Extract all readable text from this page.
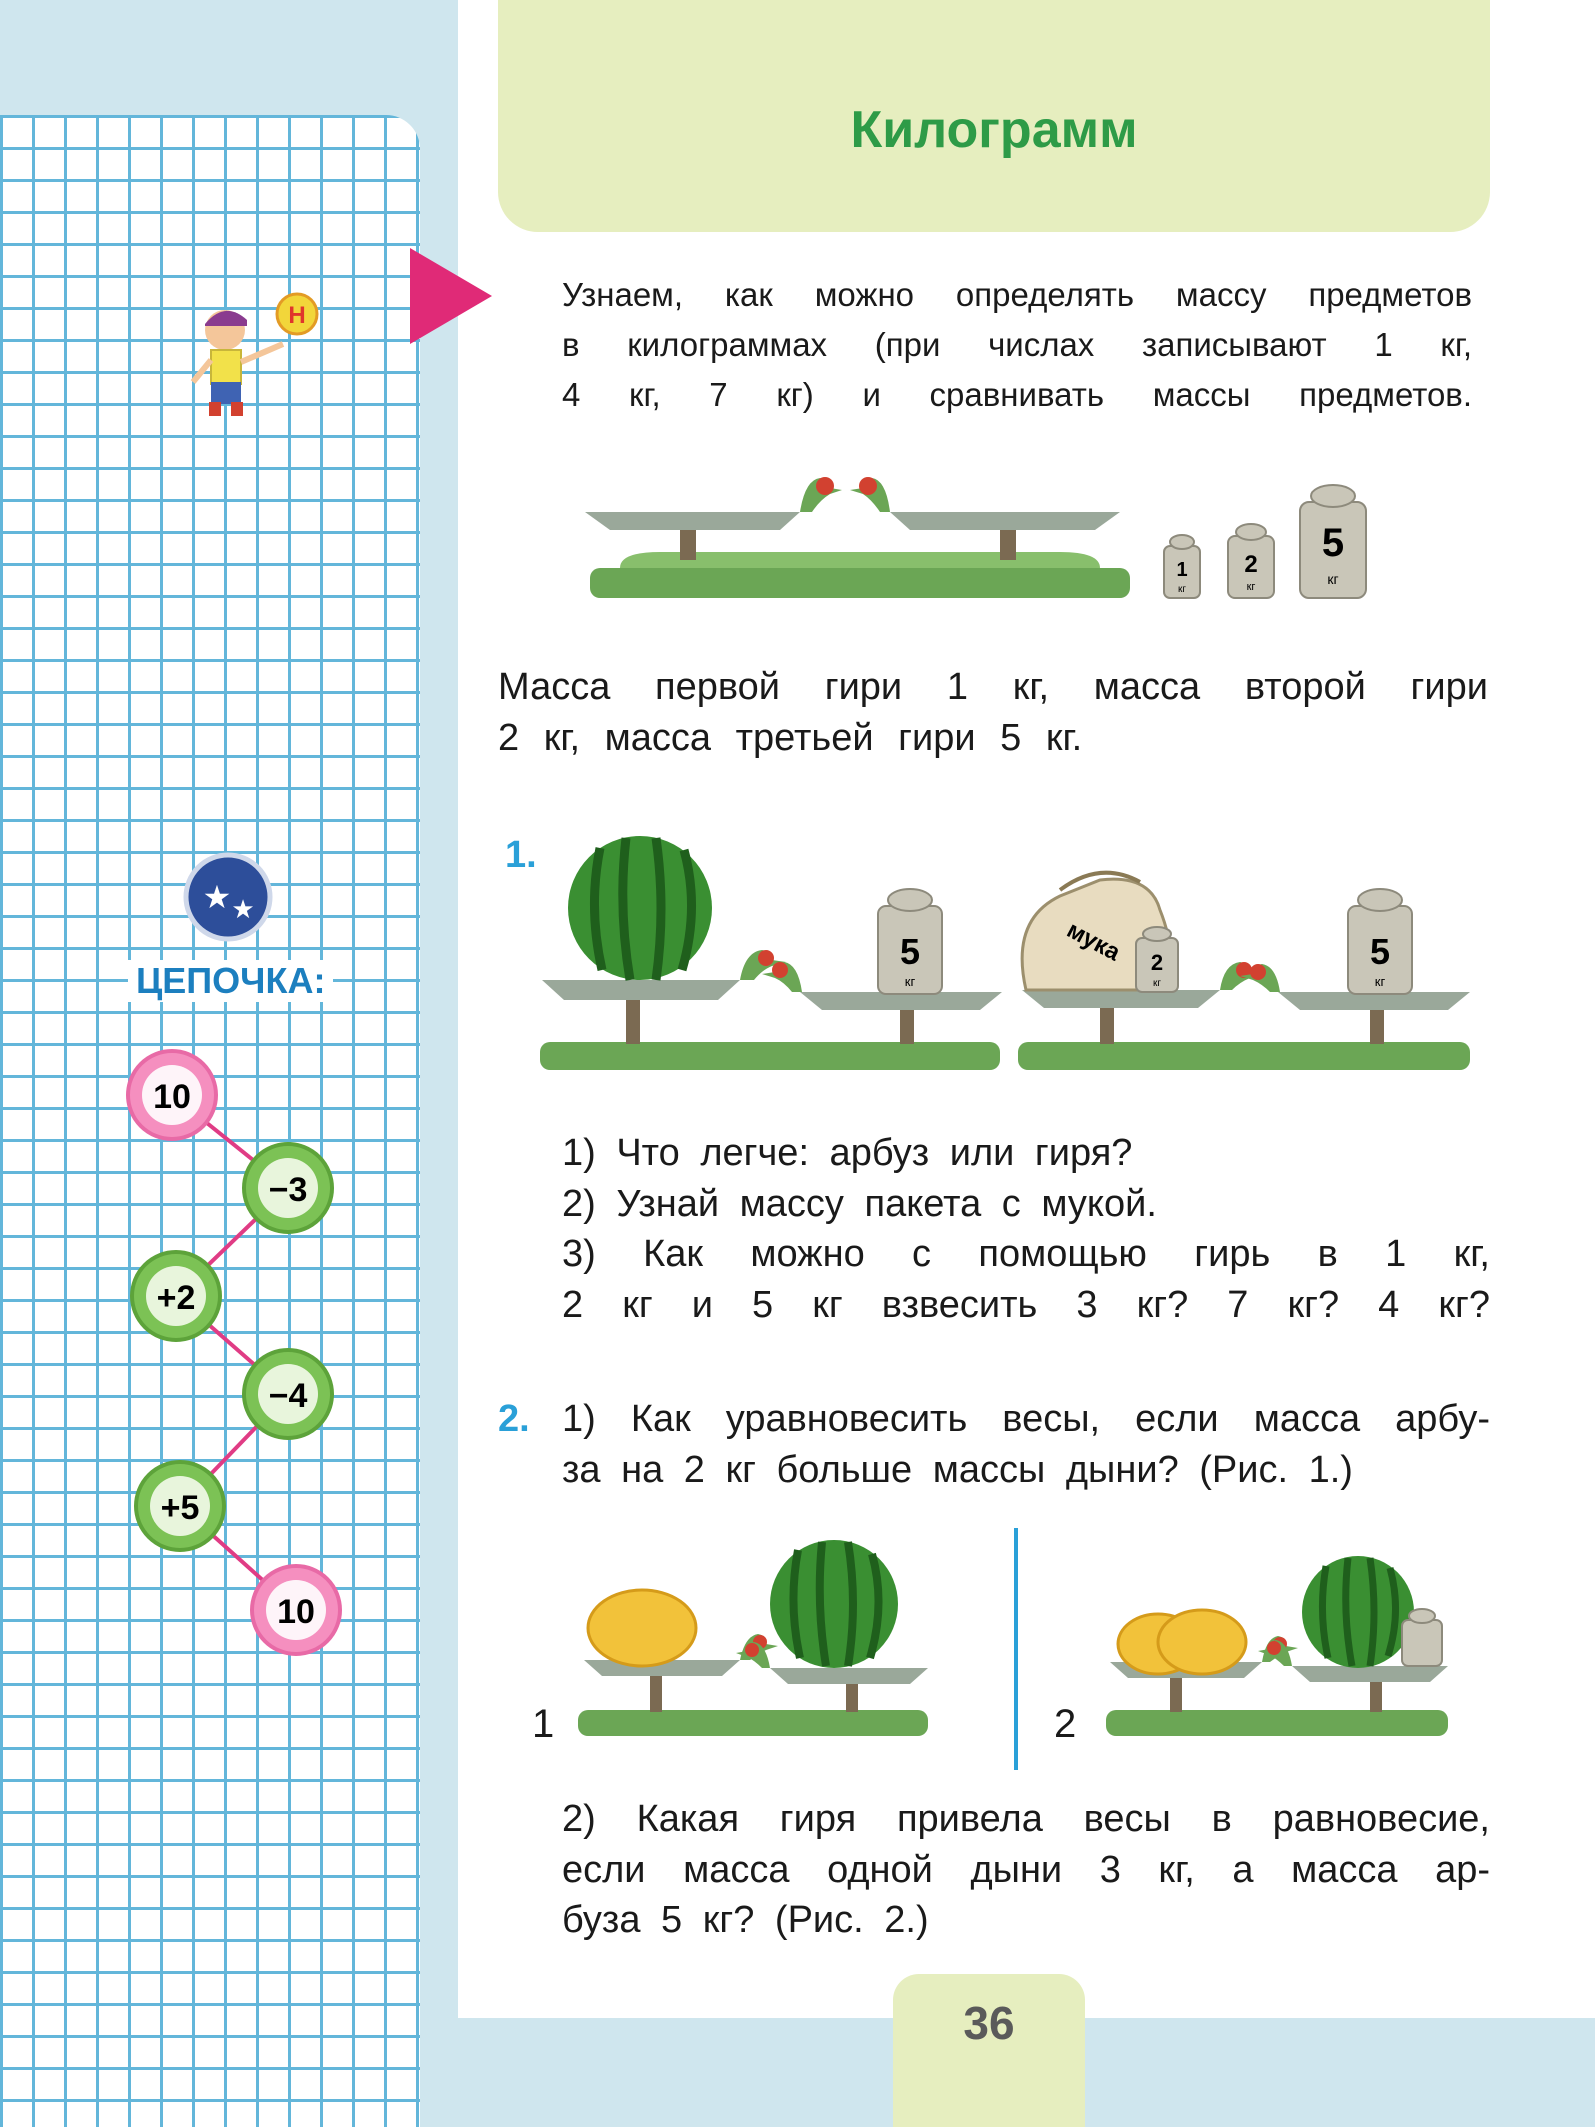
Килограмм
Н
Узнаем, как можно определять массу предметов
в килограммах (при числах записывают 1 кг,
4 кг, 7 кг) и сравнивать массы предметов.
1
кг
2
кг
5
кг
Масса первой гири 1 кг, масса второй гири
2 кг, масса третьей гири 5 кг.
★ ★
ЦЕПОЧКА:
10
−3
+2
−4
+5
10
1.
5
кг
мука 2
кг
5
кг
1) Что легче: арбуз или гиря?
2) Узнай массу пакета с мукой.
3) Как можно с помощью гирь в 1 кг,
2 кг и 5 кг взвесить 3 кг? 7 кг? 4 кг?
2. 1) Как уравновесить весы, если масса арбу-
за на 2 кг больше массы дыни? (Рис. 1.)
1	2
2) Какая гиря привела весы в равновесие,
если масса одной дыни 3 кг, а масса ар-
буза 5 кг? (Рис. 2.)
36
